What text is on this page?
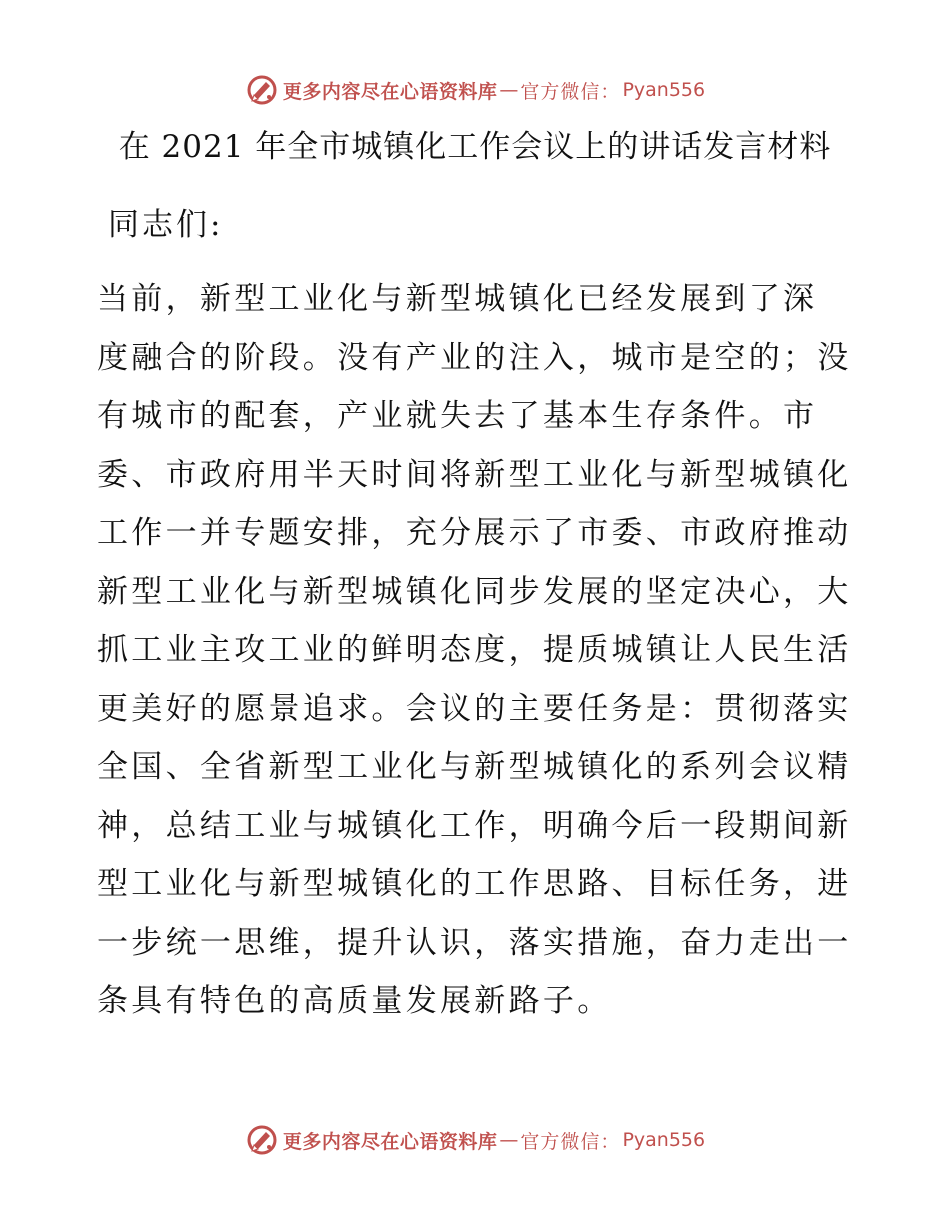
更多内容尽在心语资料库 — 官方微信： Pyan556
在 2021 年全市城镇化工作会议上的讲话发言材料
同志们:
当前，新型工业化与新型城镇化已经发展到了深
度融合的阶段。没有产业的注入，城市是空的；没
有城市的配套，产业就失去了基本生存条件。市
委、市政府用半天时间将新型工业化与新型城镇化
工作一并专题安排，充分展示了市委、市政府推动
新型工业化与新型城镇化同步发展的坚定决心，大
抓工业主攻工业的鲜明态度，提质城镇让人民生活
更美好的愿景追求。会议的主要任务是：贯彻落实
全国、全省新型工业化与新型城镇化的系列会议精
神，总结工业与城镇化工作，明确今后一段期间新
型工业化与新型城镇化的工作思路、目标任务，进
一步统一思维，提升认识，落实措施，奋力走出一
条具有特色的高质量发展新路子。
更多内容尽在心语资料库 — 官方微信： Pyan556
